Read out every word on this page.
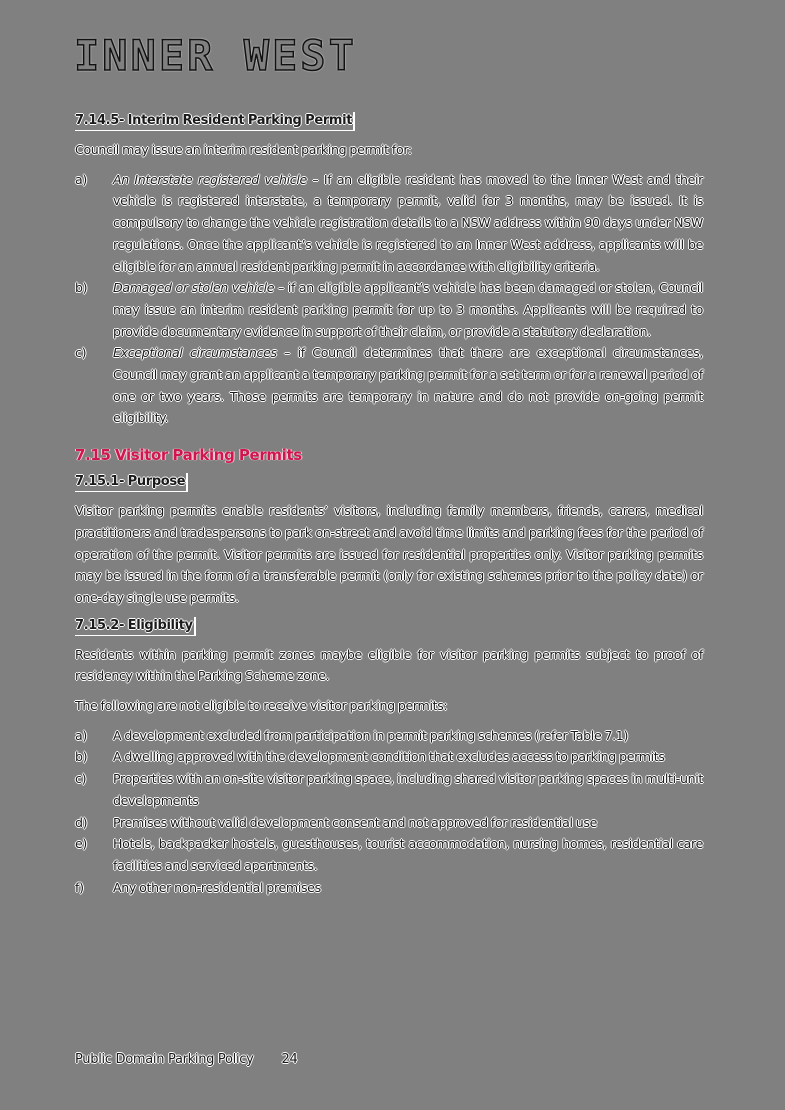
INNER WEST
7.14.5- Interim Resident Parking Permit

Council may issue an interim resident parking permit for:

a) An Interstate registered vehicle – If an eligible resident has moved to the Inner West and their vehicle is registered interstate, a temporary permit, valid for 3 months, may be issued. It is compulsory to change the vehicle registration details to a NSW address within 90 days under NSW regulations. Once the applicant’s vehicle is registered to an Inner West address, applicants will be eligible for an annual resident parking permit in accordance with eligibility criteria.
b) Damaged or stolen vehicle – if an eligible applicant’s vehicle has been damaged or stolen, Council may issue an interim resident parking permit for up to 3 months. Applicants will be required to provide documentary evidence in support of their claim, or provide a statutory declaration.
c) Exceptional circumstances – if Council determines that there are exceptional circumstances, Council may grant an applicant a temporary parking permit for a set term or for a renewal period of one or two years. Those permits are temporary in nature and do not provide on-going permit eligibility.
7.15 Visitor Parking Permits
7.15.1- Purpose

Visitor parking permits enable residents’ visitors, including family members, friends, carers, medical practitioners and tradespersons to park on-street and avoid time limits and parking fees for the period of operation of the permit. Visitor permits are issued for residential properties only. Visitor parking permits may be issued in the form of a transferable permit (only for existing schemes prior to the policy date) or one-day single use permits.

7.15.2- Eligibility

Residents within parking permit zones maybe eligible for visitor parking permits subject to proof of residency within the Parking Scheme zone.

The following are not eligible to receive visitor parking permits:

a) A development excluded from participation in permit parking schemes (refer Table 7.1)
b) A dwelling approved with the development condition that excludes access to parking permits
c) Properties with an on-site visitor parking space, including shared visitor parking spaces in multi-unit developments
d) Premises without valid development consent and not approved for residential use
e) Hotels, backpacker hostels, guesthouses, tourist accommodation, nursing homes, residential care facilities and serviced apartments.
f) Any other non-residential premises
Public Domain Parking Policy 24
